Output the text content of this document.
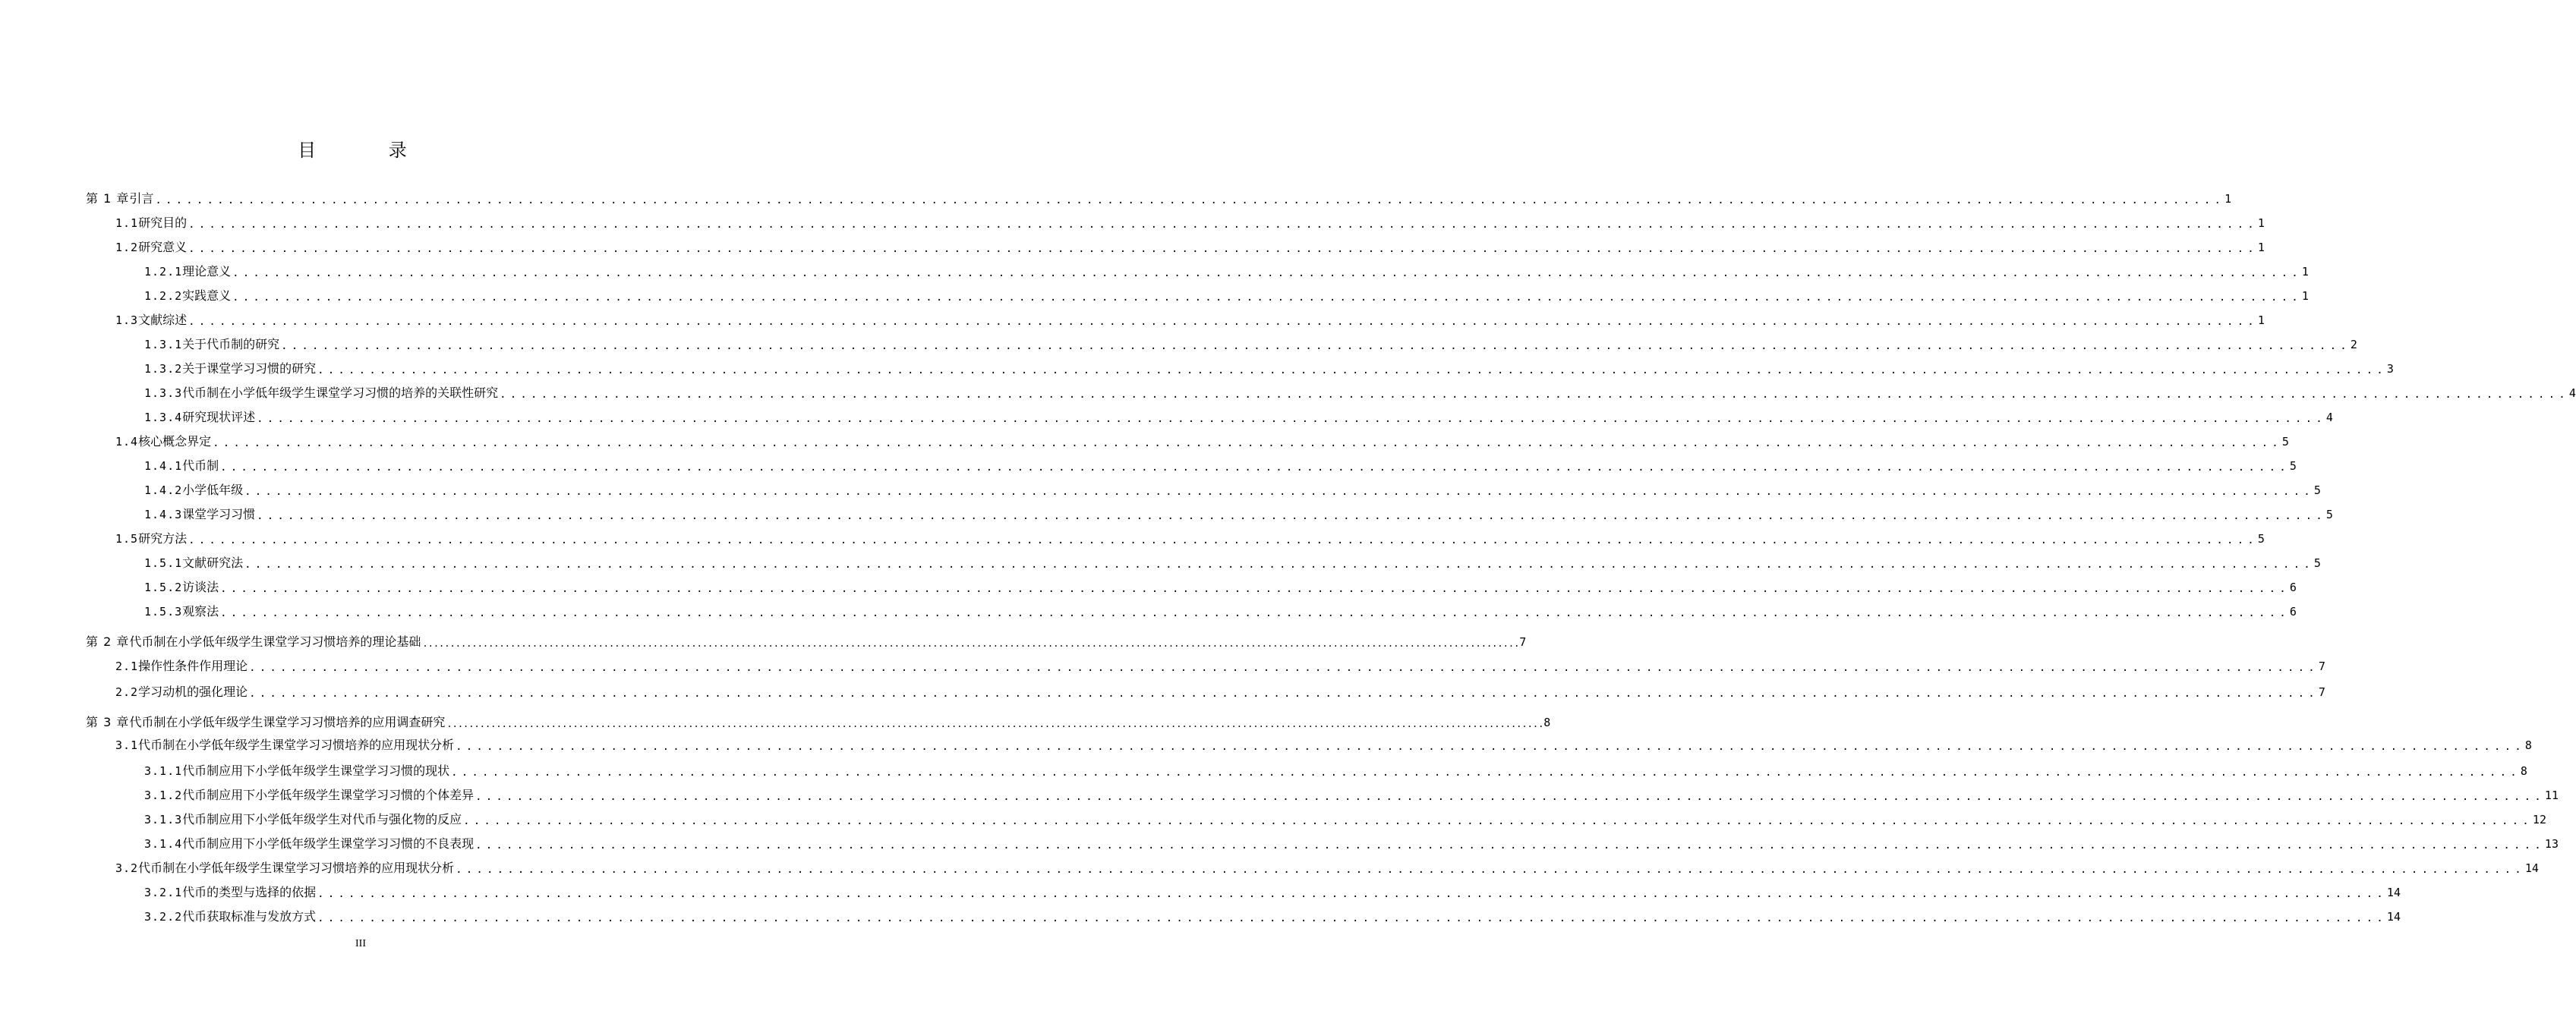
目 录
第 1 章 引言 ........................................................................................................................................................................................................ 1
1.1 研究目的 ........................................................................................................................................................................................................ 1
1.2 研究意义 ........................................................................................................................................................................................................ 1
1.2.1 理论意义 ........................................................................................................................................................................................................ 1
1.2.2 实践意义 ........................................................................................................................................................................................................ 1
1.3 文献综述 ........................................................................................................................................................................................................ 1
1.3.1 关于代币制的研究 ........................................................................................................................................................................................................ 2
1.3.2 关于课堂学习习惯的研究 ........................................................................................................................................................................................................ 3
1.3.3 代币制在小学低年级学生课堂学习习惯的培养的关联性研究 ........................................................................................................................................................................................................ 4
1.3.4 研究现状评述 ........................................................................................................................................................................................................ 4
1.4 核心概念界定 ........................................................................................................................................................................................................ 5
1.4.1 代币制 ........................................................................................................................................................................................................ 5
1.4.2 小学低年级 ........................................................................................................................................................................................................ 5
1.4.3 课堂学习习惯 ........................................................................................................................................................................................................ 5
1.5 研究方法 ........................................................................................................................................................................................................ 5
1.5.1 文献研究法 ........................................................................................................................................................................................................ 5
1.5.2 访谈法 ........................................................................................................................................................................................................ 6
1.5.3 观察法 ........................................................................................................................................................................................................ 6
第 2 章 代币制在小学低年级学生课堂学习习惯培养的理论基础 ........................................................................................................................................................................................................ 7
2.1 操作性条件作用理论 ........................................................................................................................................................................................................ 7
2.2 学习动机的强化理论 ........................................................................................................................................................................................................ 7
第 3 章 代币制在小学低年级学生课堂学习习惯培养的应用调查研究 ........................................................................................................................................................................................................ 8
3.1 代币制在小学低年级学生课堂学习习惯培养的应用现状分析 ........................................................................................................................................................................................................ 8
3.1.1 代币制应用下小学低年级学生课堂学习习惯的现状 ........................................................................................................................................................................................................ 8
3.1.2 代币制应用下小学低年级学生课堂学习习惯的个体差异 ........................................................................................................................................................................................................ 11
3.1.3 代币制应用下小学低年级学生对代币与强化物的反应 ........................................................................................................................................................................................................ 12
3.1.4 代币制应用下小学低年级学生课堂学习习惯的不良表现 ........................................................................................................................................................................................................ 13
3.2 代币制在小学低年级学生课堂学习习惯培养的应用现状分析 ........................................................................................................................................................................................................ 14
3.2.1 代币的类型与选择的依据 ........................................................................................................................................................................................................ 14
3.2.2 代币获取标准与发放方式 ........................................................................................................................................................................................................ 14
III
